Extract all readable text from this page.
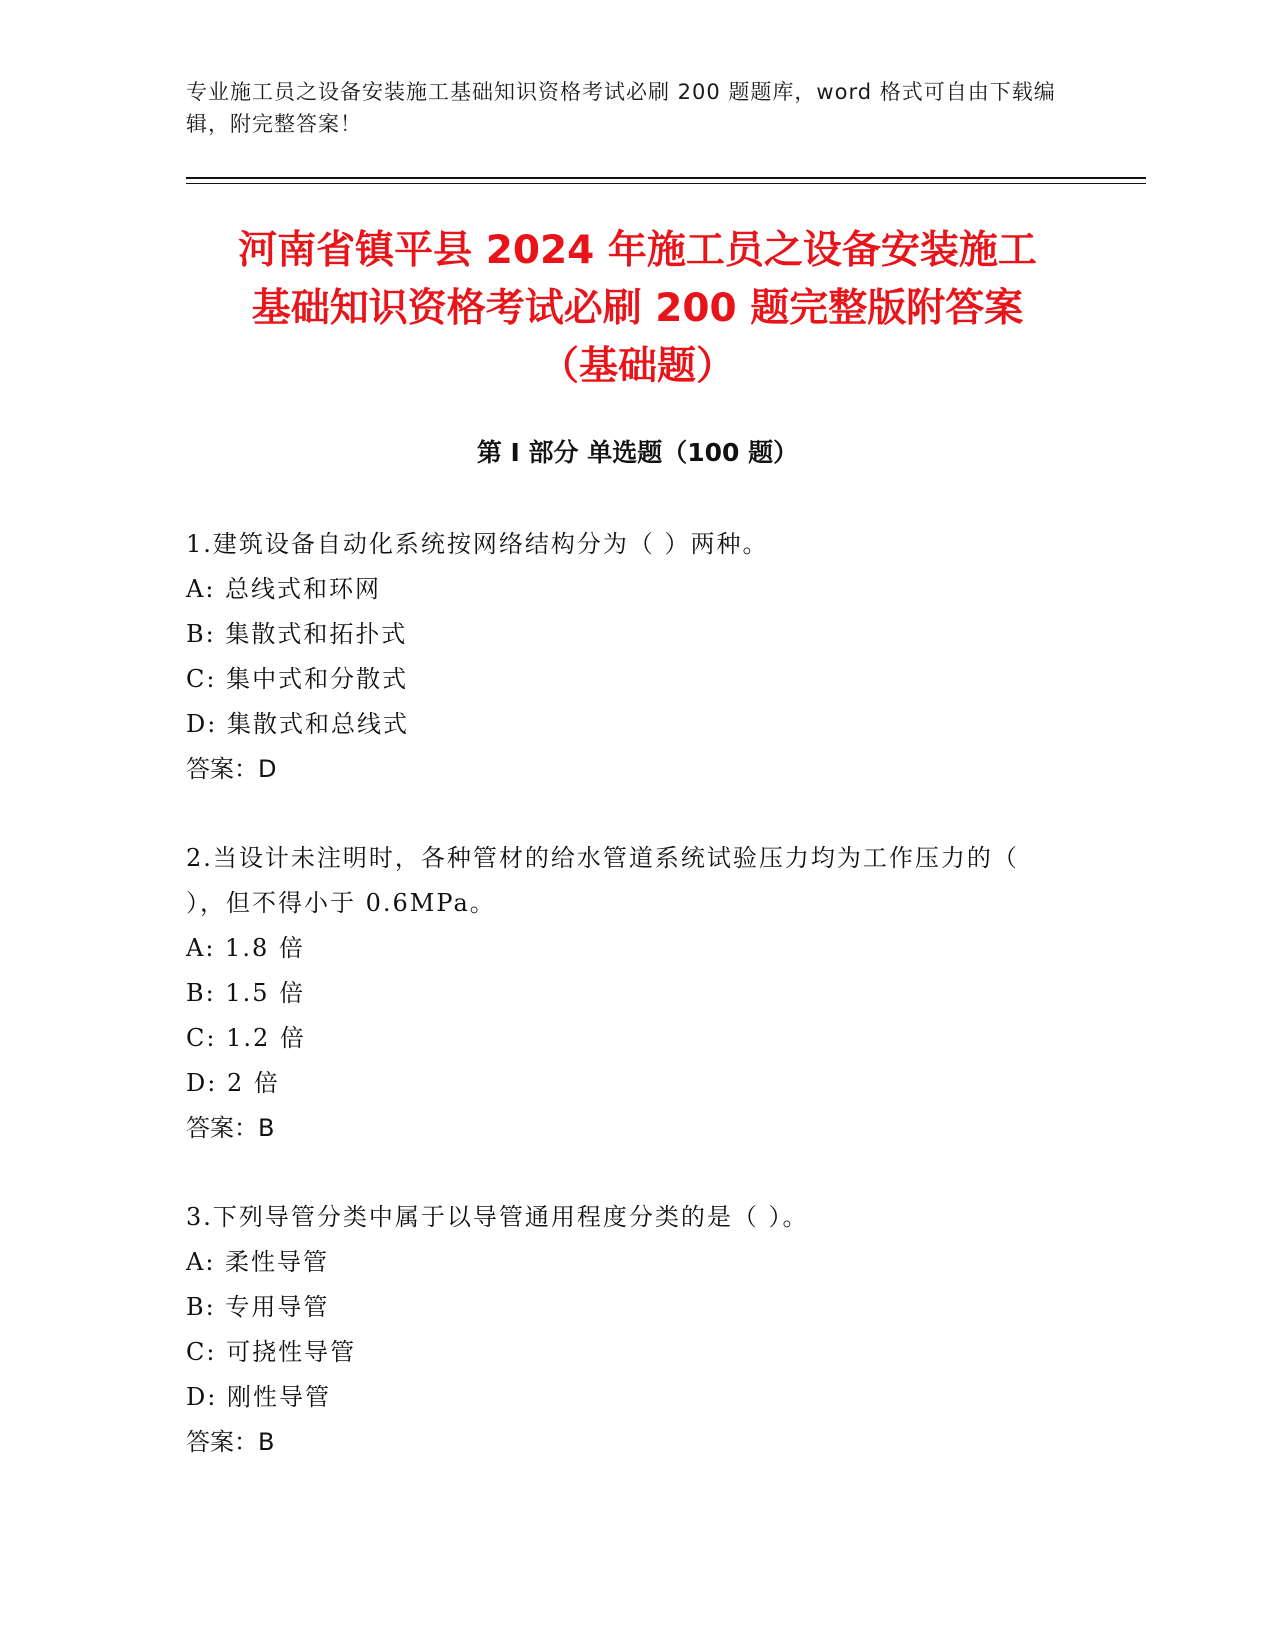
专业施工员之设备安装施工基础知识资格考试必刷 200 题题库，word 格式可自由下载编辑，附完整答案！

河南省镇平县 2024 年施工员之设备安装施工
基础知识资格考试必刷 200 题完整版附答案
（基础题）
第 I 部分 单选题（100 题）

1.建筑设备自动化系统按网络结构分为（ ）两种。

A: 总线式和环网

B: 集散式和拓扑式

C: 集中式和分散式

D: 集散式和总线式

答案：D

2.当设计未注明时，各种管材的给水管道系统试验压力均为工作压力的（ ），但不得小于 0.6MPa。

A: 1.8 倍

B: 1.5 倍

C: 1.2 倍

D: 2 倍

答案：B

3.下列导管分类中属于以导管通用程度分类的是（ ）。

A: 柔性导管

B: 专用导管

C: 可挠性导管

D: 刚性导管

答案：B
